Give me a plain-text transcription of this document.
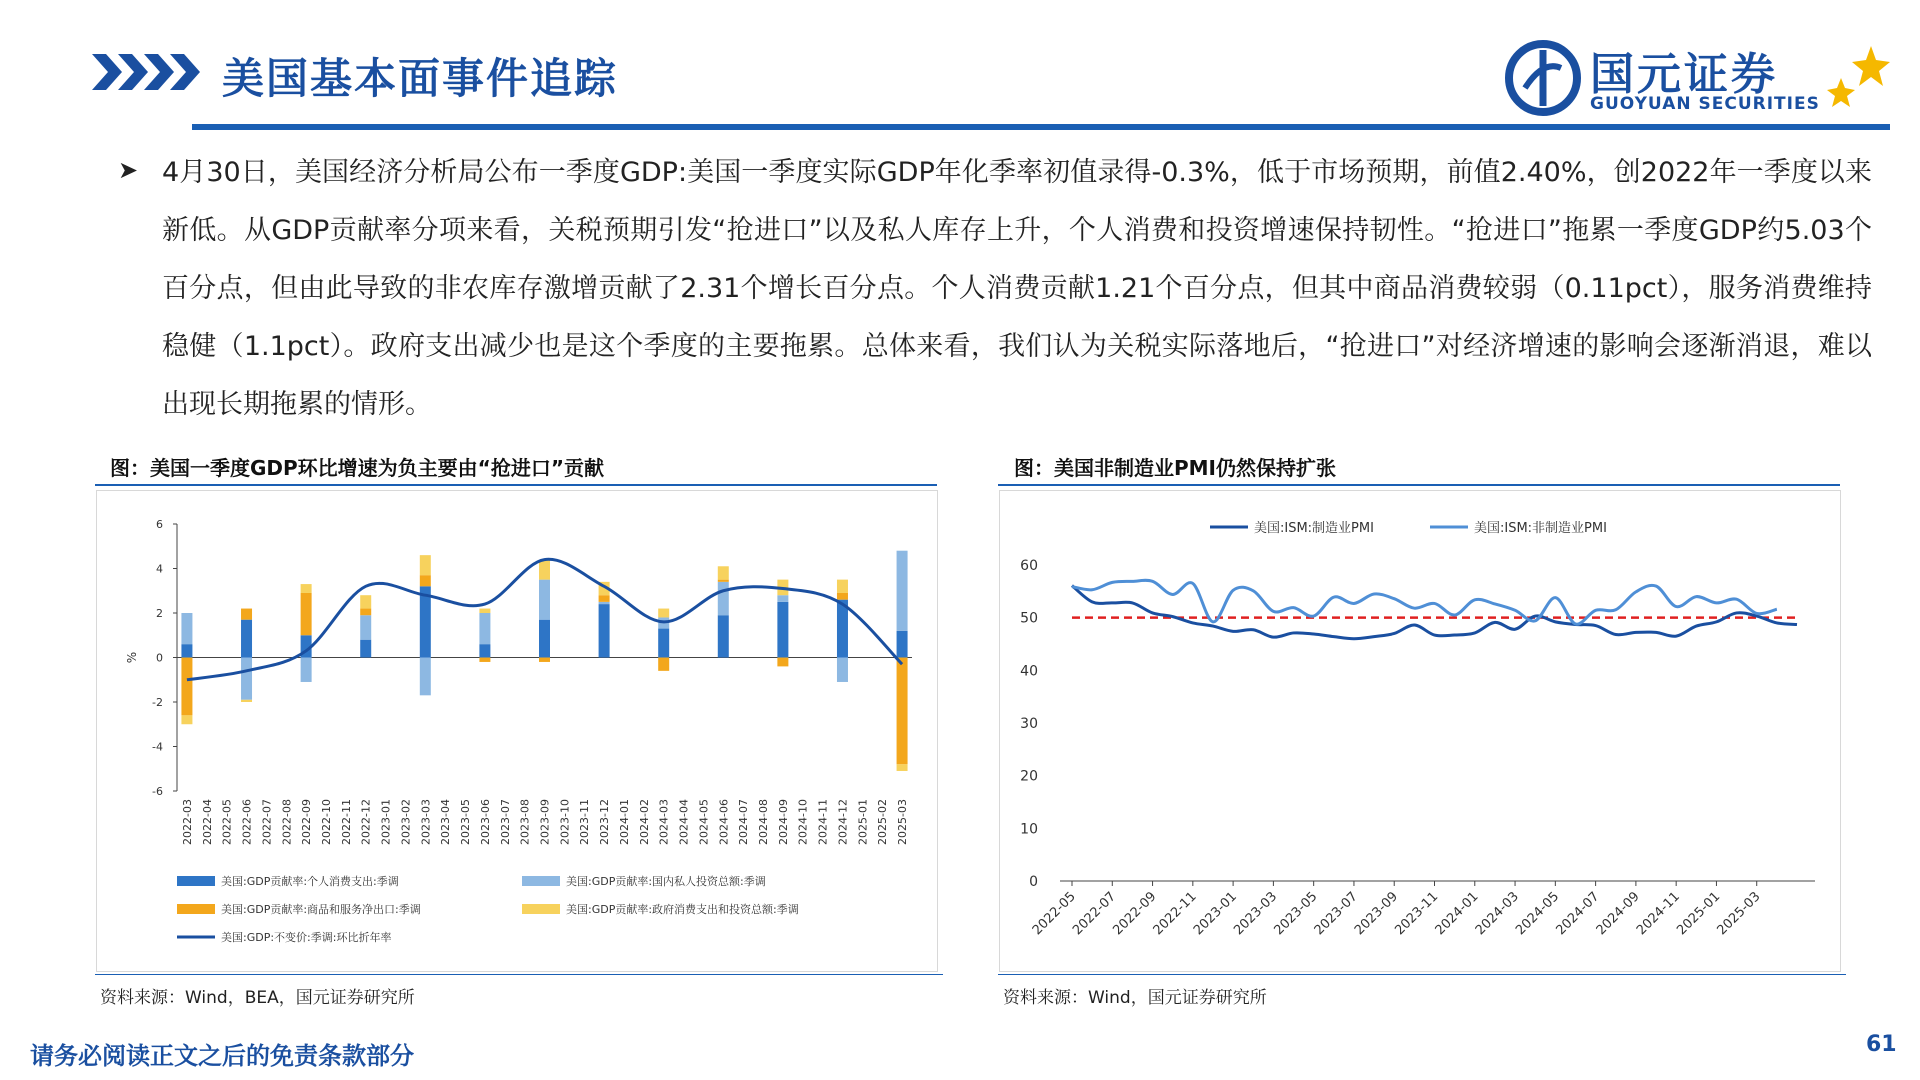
美国基本面事件追踪	国元证券
GUOYUAN SECURITIES
➤ 4月30日，美国经济分析局公布一季度GDP:美国一季度实际GDP年化季率初值录得-0.3%，低于市场预期，前值2.40%，创2022年一季度以来新低。从GDP贡献率分项来看，关税预期引发“抢进口”以及私人库存上升，个人消费和投资增速保持韧性。“抢进口”拖累一季度GDP约5.03个百分点，但由此导致的非农库存激增贡献了2.31个增长百分点。个人消费贡献1.21个百分点，但其中商品消费较弱（0.11pct），服务消费维持稳健（1.1pct）。政府支出减少也是这个季度的主要拖累。总体来看，我们认为关税实际落地后，“抢进口”对经济增速的影响会逐渐消退，难以出现长期拖累的情形。
图：美国一季度GDP环比增速为负主要由“抢进口”贡献
6
4
2
0
-2
-4
-6
%
2022-03 2022-04 2022-05 2022-06 2022-07 2022-08 2022-09 2022-10 2022-11 2022-12 2023-01 2023-02 2023-03 2023-04 2023-05 2023-06 2023-07 2023-08 2023-09 2023-10 2023-11 2023-12 2024-01 2024-02 2024-03 2024-04 2024-05 2024-06 2024-07 2024-08 2024-09 2024-10 2024-11 2024-12 2025-01 2025-02 2025-03
美国:GDP贡献率:个人消费支出:季调	美国:GDP贡献率:国内私人投资总额:季调
美国:GDP贡献率:商品和服务净出口:季调	美国:GDP贡献率:政府消费支出和投资总额:季调
美国:GDP:不变价:季调:环比折年率
资料来源：Wind，BEA，国元证券研究所
图：美国非制造业PMI仍然保持扩张
60
50
40
30
20
10
0
2022-05
2022-07
2022-09
2022-11
2023-01
2023-03
2023-05
2023-07
2023-09
2023-11
2024-01
2024-03
2024-05
2024-07
2024-09
2024-11
2025-01
2025-03
美国:ISM:制造业PMI	美国:ISM:非制造业PMI
资料来源：Wind，国元证券研究所
请务必阅读正文之后的免责条款部分	61
